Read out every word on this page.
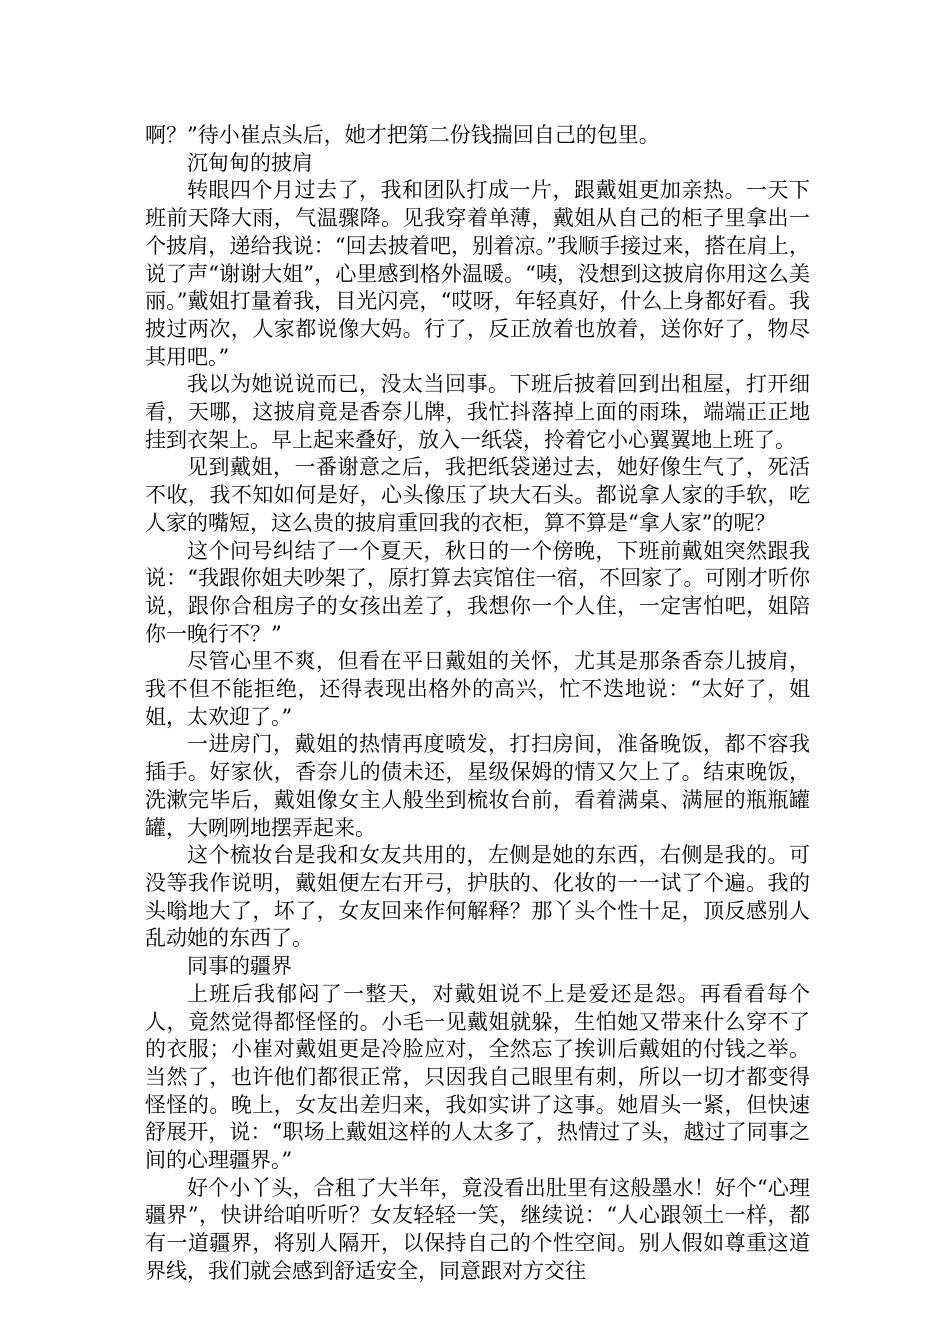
啊？”待小崔点头后，她才把第二份钱揣回自己的包里。

沉甸甸的披肩

转眼四个月过去了，我和团队打成一片，跟戴姐更加亲热。一天下班前天降大雨，气温骤降。见我穿着单薄，戴姐从自己的柜子里拿出一个披肩，递给我说：“回去披着吧，别着凉。”我顺手接过来，搭在肩上，说了声“谢谢大姐”，心里感到格外温暖。“咦，没想到这披肩你用这么美丽。”戴姐打量着我，目光闪亮，“哎呀，年轻真好，什么上身都好看。我披过两次，人家都说像大妈。行了，反正放着也放着，送你好了，物尽其用吧。”

我以为她说说而已，没太当回事。下班后披着回到出租屋，打开细看，天哪，这披肩竟是香奈儿牌，我忙抖落掉上面的雨珠，端端正正地挂到衣架上。早上起来叠好，放入一纸袋，拎着它小心翼翼地上班了。

见到戴姐，一番谢意之后，我把纸袋递过去，她好像生气了，死活不收，我不知如何是好，心头像压了块大石头。都说拿人家的手软，吃人家的嘴短，这么贵的披肩重回我的衣柜，算不算是“拿人家”的呢？

这个问号纠结了一个夏天，秋日的一个傍晚，下班前戴姐突然跟我说：“我跟你姐夫吵架了，原打算去宾馆住一宿，不回家了。可刚才听你说，跟你合租房子的女孩出差了，我想你一个人住，一定害怕吧，姐陪你一晚行不？”

尽管心里不爽，但看在平日戴姐的关怀，尤其是那条香奈儿披肩，我不但不能拒绝，还得表现出格外的高兴，忙不迭地说：“太好了，姐姐，太欢迎了。”

一进房门，戴姐的热情再度喷发，打扫房间，准备晚饭，都不容我插手。好家伙，香奈儿的债未还，星级保姆的情又欠上了。结束晚饭，洗漱完毕后，戴姐像女主人般坐到梳妆台前，看着满桌、满屉的瓶瓶罐罐，大咧咧地摆弄起来。

这个梳妆台是我和女友共用的，左侧是她的东西，右侧是我的。可没等我作说明，戴姐便左右开弓，护肤的、化妆的一一试了个遍。我的头嗡地大了，坏了，女友回来作何解释？那丫头个性十足，顶反感别人乱动她的东西了。

同事的疆界

上班后我郁闷了一整天，对戴姐说不上是爱还是怨。再看看每个人，竟然觉得都怪怪的。小毛一见戴姐就躲，生怕她又带来什么穿不了的衣服；小崔对戴姐更是冷脸应对，全然忘了挨训后戴姐的付钱之举。当然了，也许他们都很正常，只因我自己眼里有刺，所以一切才都变得怪怪的。晚上，女友出差归来，我如实讲了这事。她眉头一紧，但快速舒展开，说：“职场上戴姐这样的人太多了，热情过了头，越过了同事之间的心理疆界。”

好个小丫头，合租了大半年，竟没看出肚里有这般墨水！好个“心理疆界”，快讲给咱听听？女友轻轻一笑，继续说：“人心跟领土一样，都有一道疆界，将别人隔开，以保持自己的个性空间。别人假如尊重这道界线，我们就会感到舒适安全，同意跟对方交往
